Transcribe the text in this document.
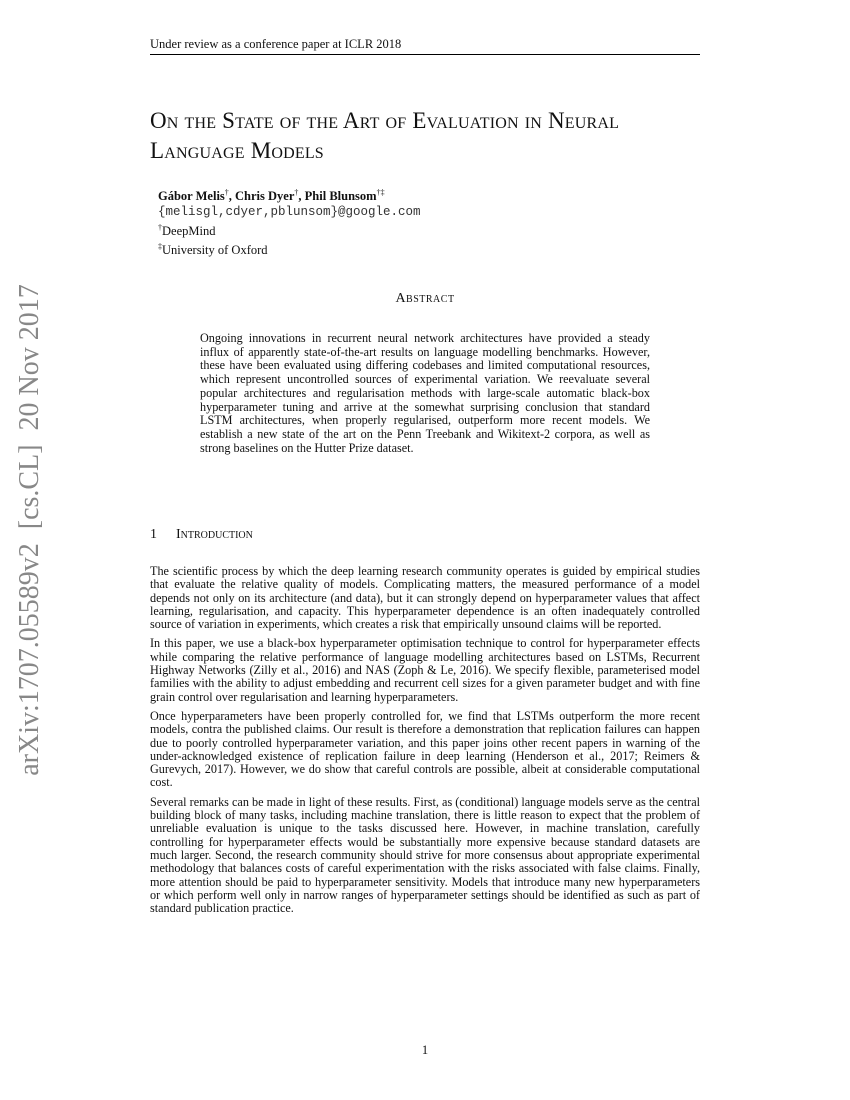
Under review as a conference paper at ICLR 2018
On the State of the Art of Evaluation in Neural Language Models
Gábor Melis†, Chris Dyer†, Phil Blunsom†‡
{melisgl,cdyer,pblunsom}@google.com
†DeepMind
‡University of Oxford
Abstract
Ongoing innovations in recurrent neural network architectures have provided a steady influx of apparently state-of-the-art results on language modelling benchmarks. However, these have been evaluated using differing codebases and limited computational resources, which represent uncontrolled sources of experimental variation. We reevaluate several popular architectures and regularisation methods with large-scale automatic black-box hyperparameter tuning and arrive at the somewhat surprising conclusion that standard LSTM architectures, when properly regularised, outperform more recent models. We establish a new state of the art on the Penn Treebank and Wikitext-2 corpora, as well as strong baselines on the Hutter Prize dataset.
1 Introduction

The scientific process by which the deep learning research community operates is guided by empirical studies that evaluate the relative quality of models. Complicating matters, the measured performance of a model depends not only on its architecture (and data), but it can strongly depend on hyperparameter values that affect learning, regularisation, and capacity. This hyperparameter dependence is an often inadequately controlled source of variation in experiments, which creates a risk that empirically unsound claims will be reported.

In this paper, we use a black-box hyperparameter optimisation technique to control for hyperparameter effects while comparing the relative performance of language modelling architectures based on LSTMs, Recurrent Highway Networks (Zilly et al., 2016) and NAS (Zoph & Le, 2016). We specify flexible, parameterised model families with the ability to adjust embedding and recurrent cell sizes for a given parameter budget and with fine grain control over regularisation and learning hyperparameters.

Once hyperparameters have been properly controlled for, we find that LSTMs outperform the more recent models, contra the published claims. Our result is therefore a demonstration that replication failures can happen due to poorly controlled hyperparameter variation, and this paper joins other recent papers in warning of the under-acknowledged existence of replication failure in deep learning (Henderson et al., 2017; Reimers & Gurevych, 2017). However, we do show that careful controls are possible, albeit at considerable computational cost.

Several remarks can be made in light of these results. First, as (conditional) language models serve as the central building block of many tasks, including machine translation, there is little reason to expect that the problem of unreliable evaluation is unique to the tasks discussed here. However, in machine translation, carefully controlling for hyperparameter effects would be substantially more expensive because standard datasets are much larger. Second, the research community should strive for more consensus about appropriate experimental methodology that balances costs of careful experimentation with the risks associated with false claims. Finally, more attention should be paid to hyperparameter sensitivity. Models that introduce many new hyperparameters or which perform well only in narrow ranges of hyperparameter settings should be identified as such as part of standard publication practice.

1
arXiv:1707.05589v2  [cs.CL]  20 Nov 2017
